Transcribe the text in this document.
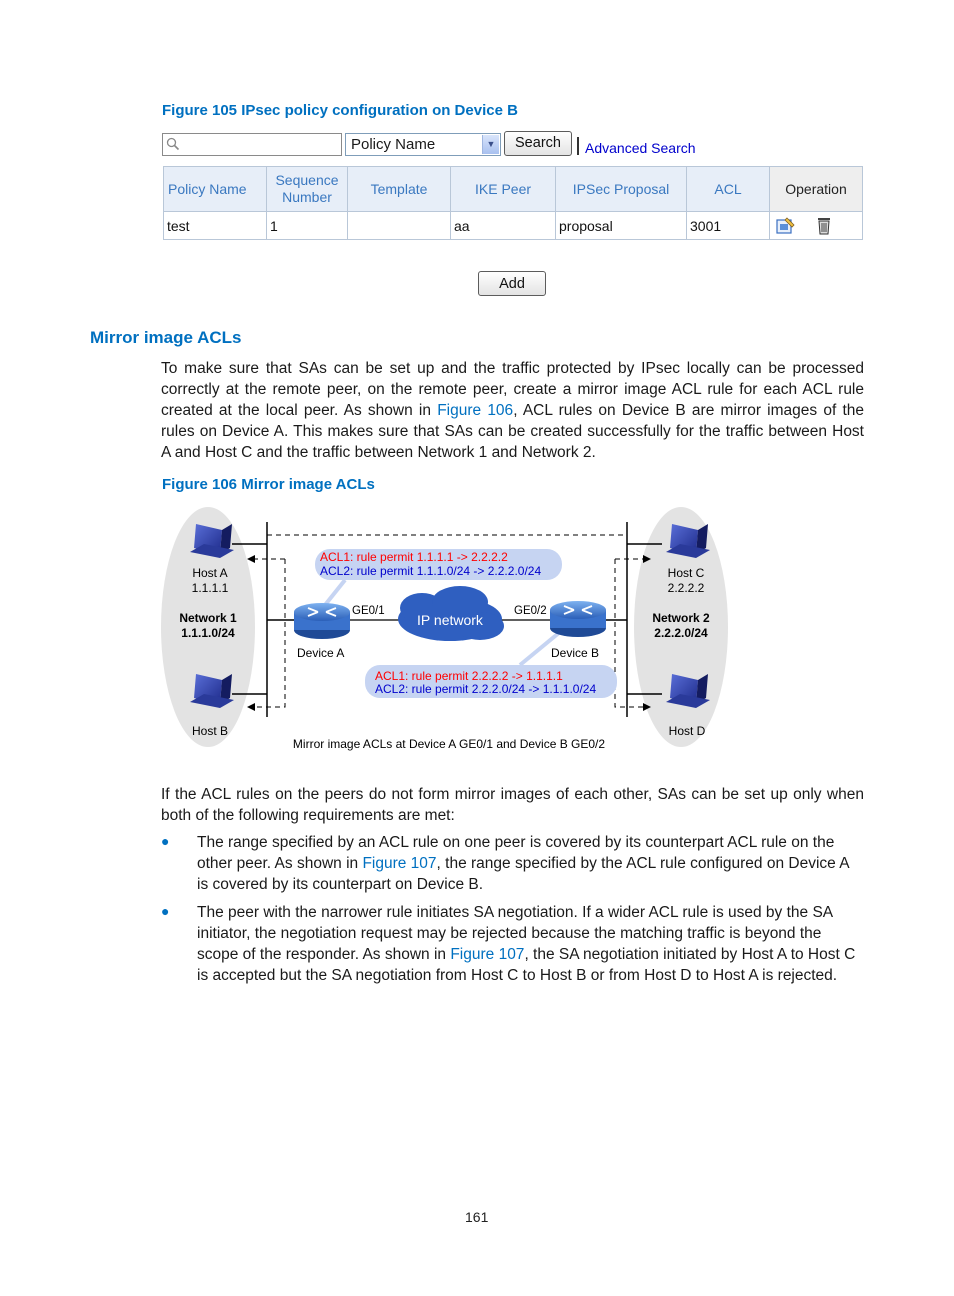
Figure 105 IPsec policy configuration on Device B
Policy Name	▼	Search	Advanced Search
Policy Name	Sequence Number	Template	IKE Peer	IPSec Proposal	ACL	Operation
test	1		aa	proposal	3001	
Add
Mirror image ACLs
To make sure that SAs can be set up and the traffic protected by IPsec locally can be processed correctly at the remote peer, on the remote peer, create a mirror image ACL rule for each ACL rule created at the local peer. As shown in Figure 106, ACL rules on Device B are mirror images of the rules on Device A. This makes sure that SAs can be created successfully for the traffic between Host A and Host C and the traffic between Network 1 and Network 2.
Figure 106 Mirror image ACLs
ACL1: rule permit 1.1.1.1 -> 2.2.2.2
ACL2: rule permit 1.1.1.0/24 -> 2.2.2.0/24
ACL1: rule permit 2.2.2.2 -> 1.1.1.1
ACL2: rule permit 2.2.2.0/24 -> 1.1.1.0/24
IP network
GE0/1	GE0/2
Device A	Device B
Host A
1.1.1.1
Network 1
1.1.1.0/24
Host B
Host C
2.2.2.2
Network 2
2.2.2.0/24
Host D
Mirror image ACLs at Device A GE0/1 and Device B GE0/2
If the ACL rules on the peers do not form mirror images of each other, SAs can be set up only when both of the following requirements are met:
● The range specified by an ACL rule on one peer is covered by its counterpart ACL rule on the other peer. As shown in Figure 107, the range specified by the ACL rule configured on Device A is covered by its counterpart on Device B.
● The peer with the narrower rule initiates SA negotiation. If a wider ACL rule is used by the SA initiator, the negotiation request may be rejected because the matching traffic is beyond the scope of the responder. As shown in Figure 107, the SA negotiation initiated by Host A to Host C is accepted but the SA negotiation from Host C to Host B or from Host D to Host A is rejected.
161
